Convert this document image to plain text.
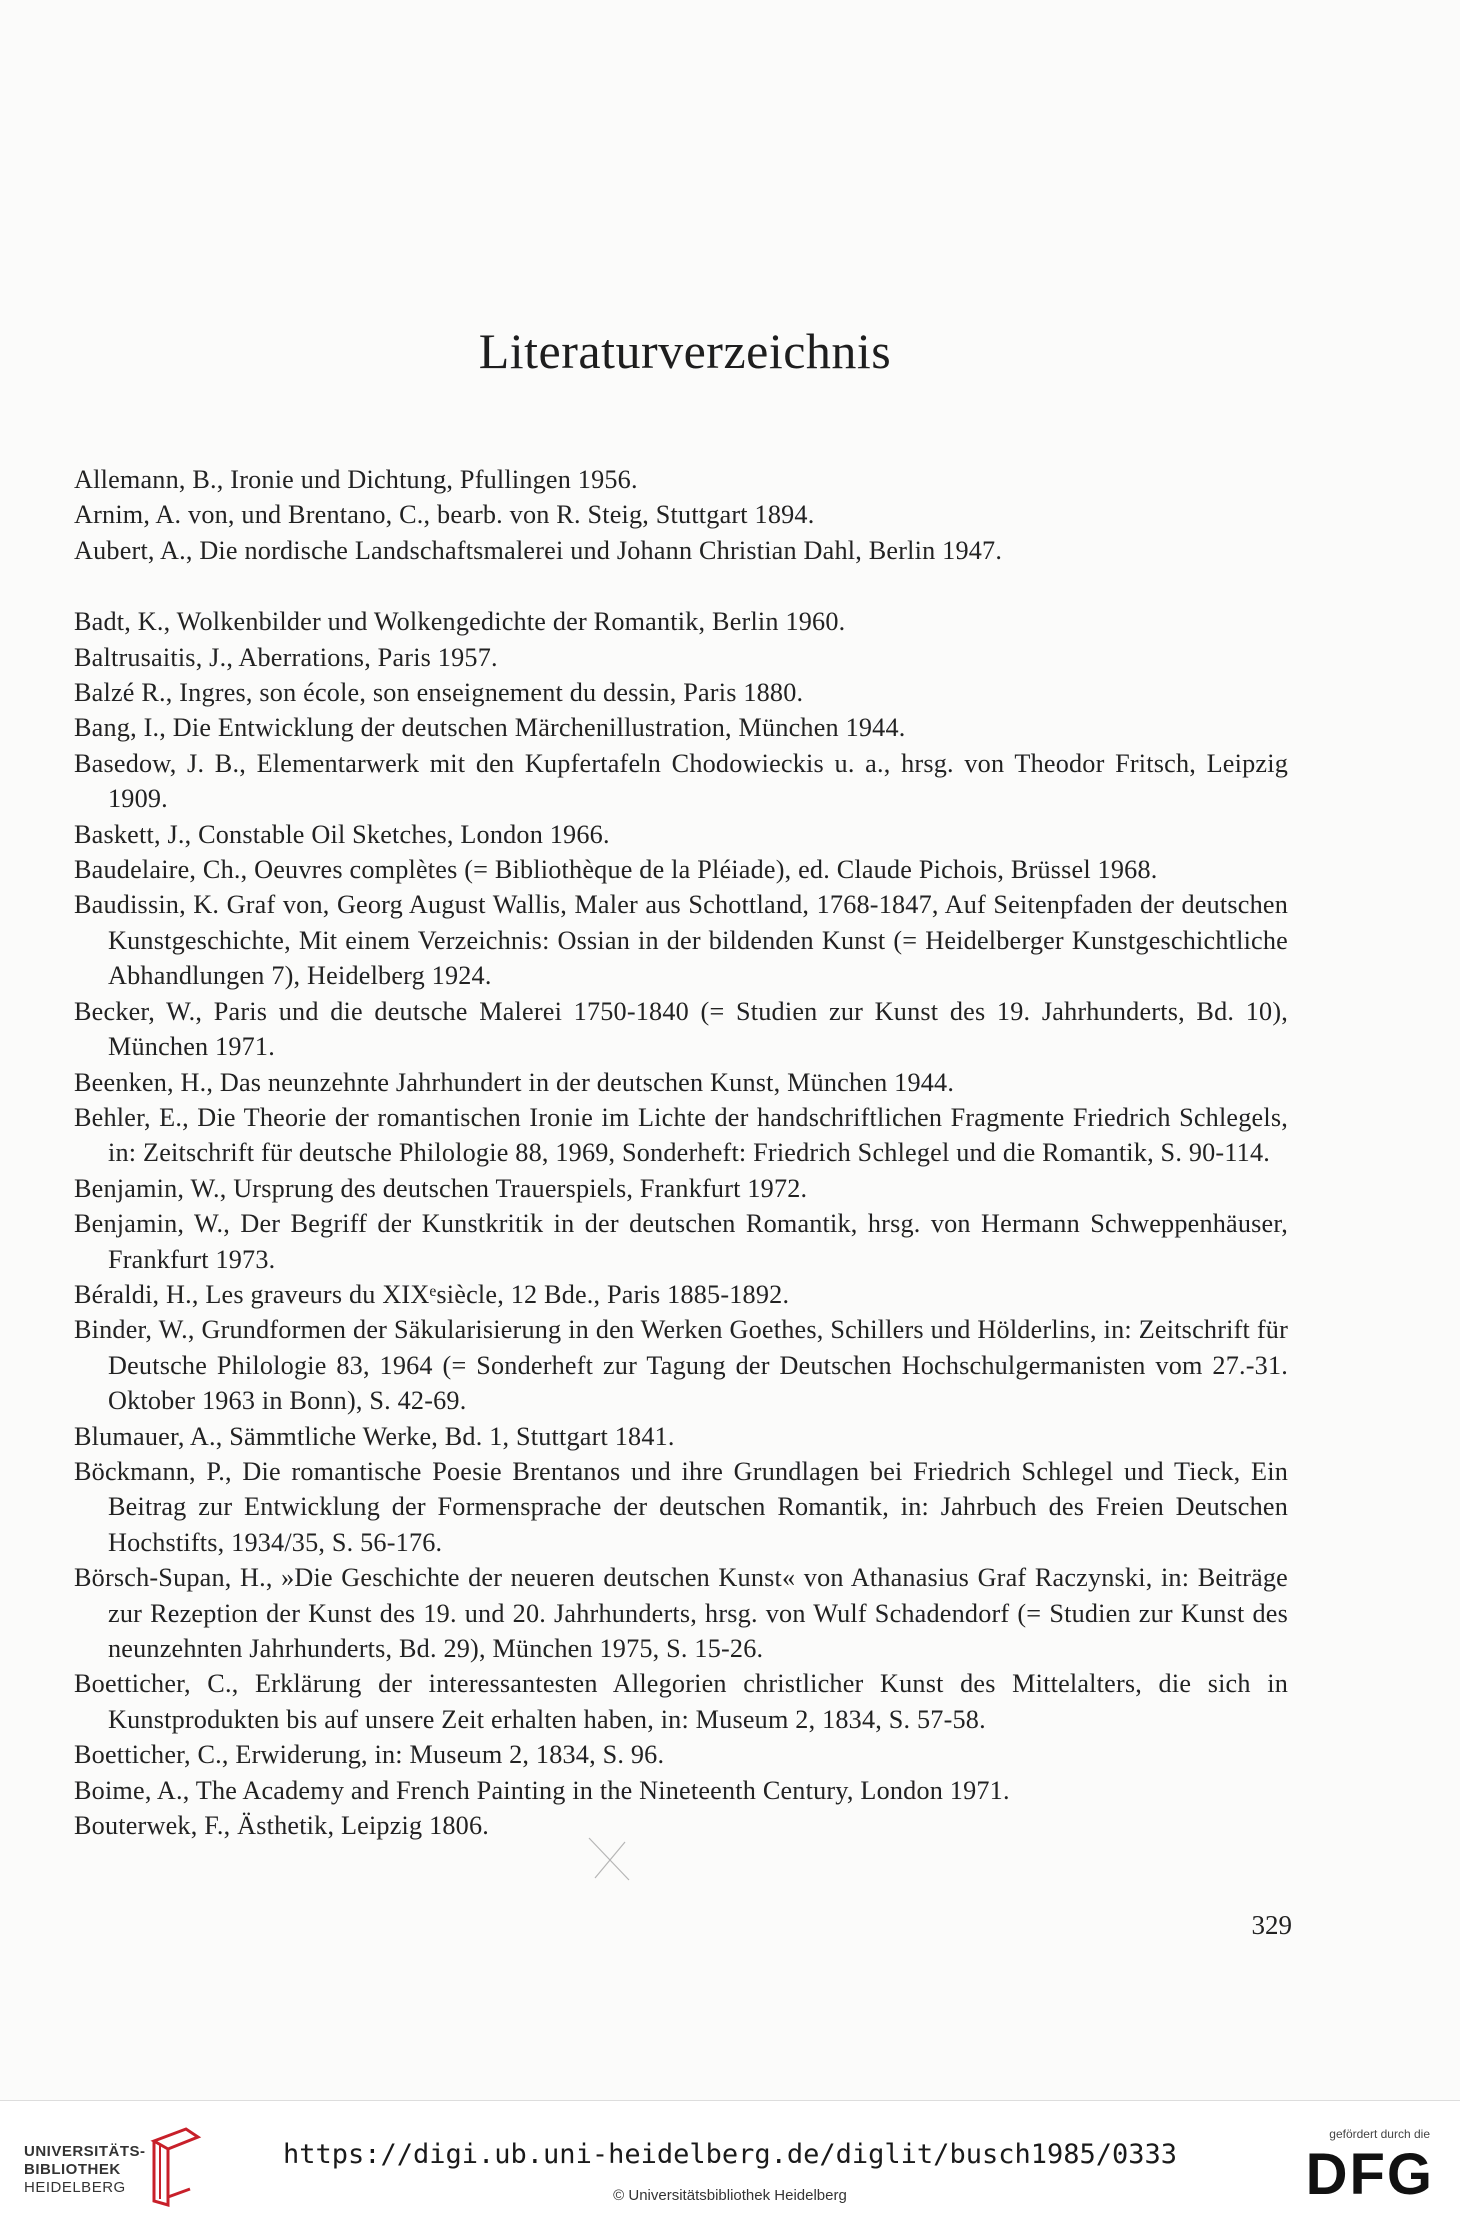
Literaturverzeichnis

Allemann, B., Ironie und Dichtung, Pfullingen 1956.

Arnim, A. von, und Brentano, C., bearb. von R. Steig, Stuttgart 1894.

Aubert, A., Die nordische Landschaftsmalerei und Johann Christian Dahl, Berlin 1947.

Badt, K., Wolkenbilder und Wolkengedichte der Romantik, Berlin 1960.

Baltrusaitis, J., Aberrations, Paris 1957.

Balzé R., Ingres, son école, son enseignement du dessin, Paris 1880.

Bang, I., Die Entwicklung der deutschen Märchenillustration, München 1944.

Basedow, J. B., Elementarwerk mit den Kupfertafeln Chodowieckis u. a., hrsg. von Theodor Fritsch, Leipzig 1909.

Baskett, J., Constable Oil Sketches, London 1966.

Baudelaire, Ch., Oeuvres complètes (= Bibliothèque de la Pléiade), ed. Claude Pichois, Brüssel 1968.

Baudissin, K. Graf von, Georg August Wallis, Maler aus Schottland, 1768-1847, Auf Seitenpfaden der deutschen Kunstgeschichte, Mit einem Verzeichnis: Ossian in der bildenden Kunst (= Heidelberger Kunstgeschichtliche Abhandlungen 7), Heidelberg 1924.

Becker, W., Paris und die deutsche Malerei 1750-1840 (= Studien zur Kunst des 19. Jahrhunderts, Bd. 10), München 1971.

Beenken, H., Das neunzehnte Jahrhundert in der deutschen Kunst, München 1944.

Behler, E., Die Theorie der romantischen Ironie im Lichte der handschriftlichen Fragmente Friedrich Schlegels, in: Zeitschrift für deutsche Philologie 88, 1969, Sonderheft: Friedrich Schlegel und die Romantik, S. 90-114.

Benjamin, W., Ursprung des deutschen Trauerspiels, Frankfurt 1972.

Benjamin, W., Der Begriff der Kunstkritik in der deutschen Romantik, hrsg. von Hermann Schweppenhäuser, Frankfurt 1973.

Béraldi, H., Les graveurs du XIXᵉsiècle, 12 Bde., Paris 1885-1892.

Binder, W., Grundformen der Säkularisierung in den Werken Goethes, Schillers und Hölderlins, in: Zeitschrift für Deutsche Philologie 83, 1964 (= Sonderheft zur Tagung der Deutschen Hochschulgermanisten vom 27.-31. Oktober 1963 in Bonn), S. 42-69.

Blumauer, A., Sämmtliche Werke, Bd. 1, Stuttgart 1841.

Böckmann, P., Die romantische Poesie Brentanos und ihre Grundlagen bei Friedrich Schlegel und Tieck, Ein Beitrag zur Entwicklung der Formensprache der deutschen Romantik, in: Jahrbuch des Freien Deutschen Hochstifts, 1934/35, S. 56-176.

Börsch-Supan, H., »Die Geschichte der neueren deutschen Kunst« von Athanasius Graf Raczynski, in: Beiträge zur Rezeption der Kunst des 19. und 20. Jahrhunderts, hrsg. von Wulf Schadendorf (= Studien zur Kunst des neunzehnten Jahrhunderts, Bd. 29), München 1975, S. 15-26.

Boetticher, C., Erklärung der interessantesten Allegorien christlicher Kunst des Mittelalters, die sich in Kunstprodukten bis auf unsere Zeit erhalten haben, in: Museum 2, 1834, S. 57-58.

Boetticher, C., Erwiderung, in: Museum 2, 1834, S. 96.

Boime, A., The Academy and French Painting in the Nineteenth Century, London 1971.

Bouterwek, F., Ästhetik, Leipzig 1806.

329
UNIVERSITÄTS-
BIBLIOTHEK
HEIDELBERG
https://digi.ub.uni-heidelberg.de/diglit/busch1985/0333
© Universitätsbibliothek Heidelberg
gefördert durch die
DFG
